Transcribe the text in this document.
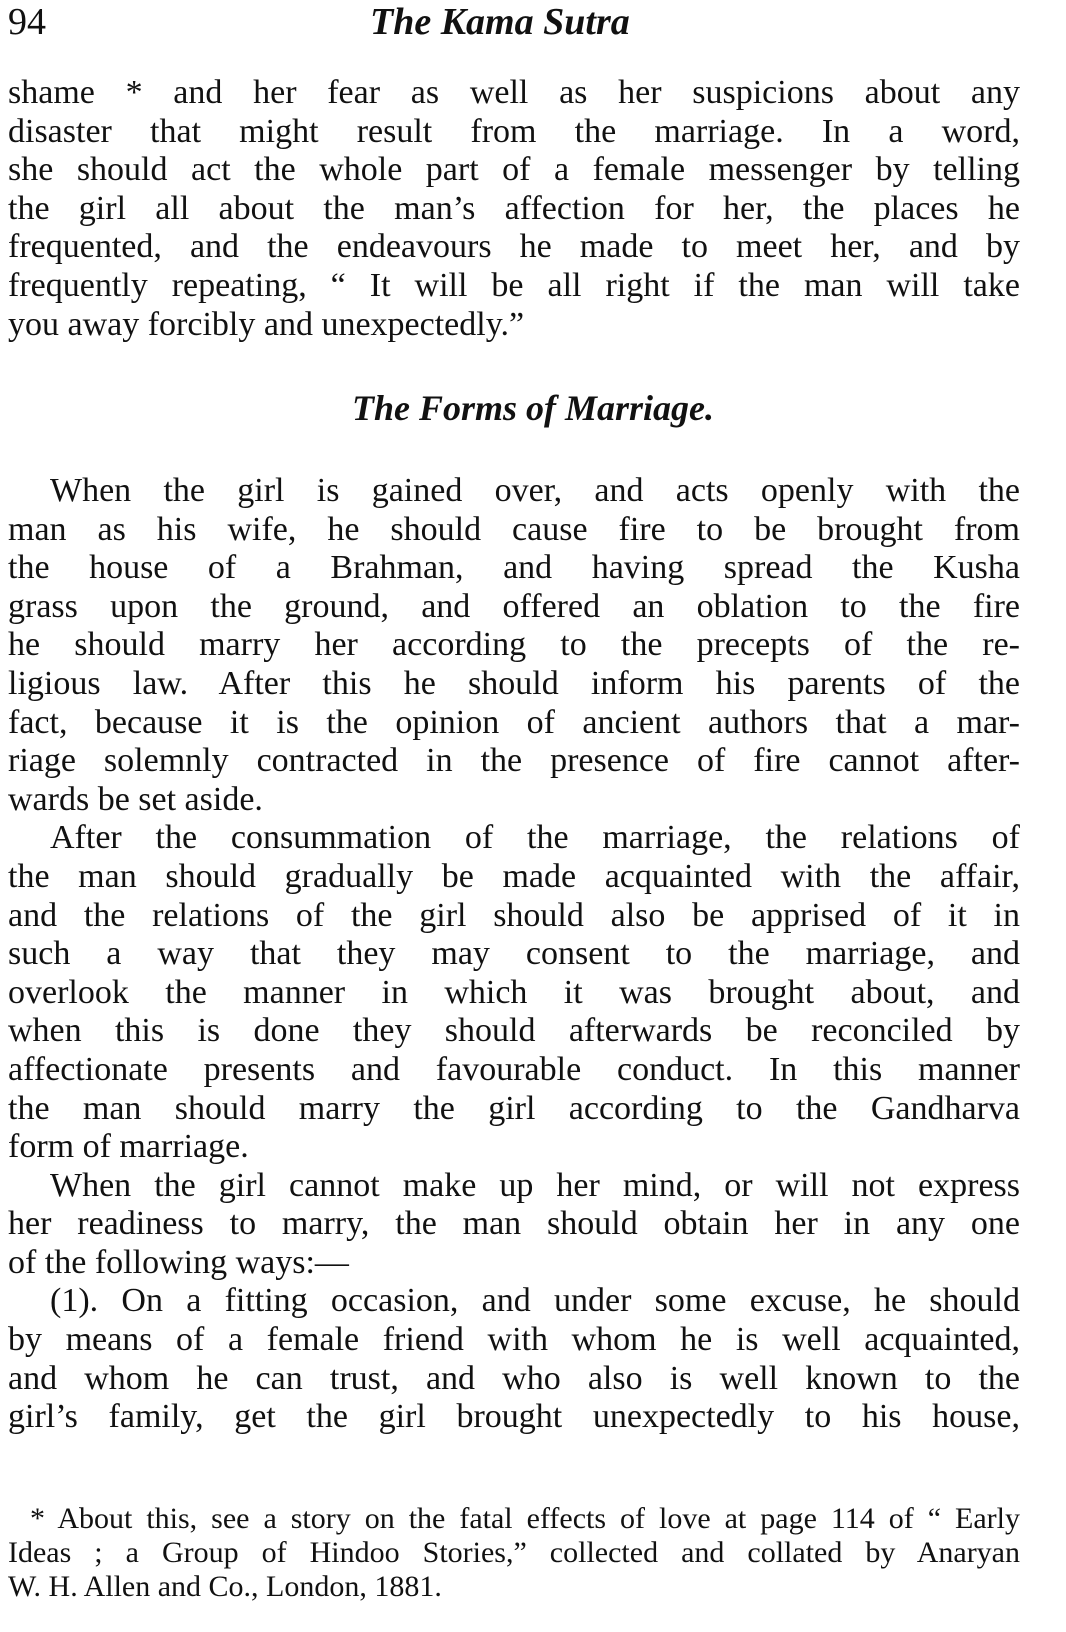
94	The Kama Sutra
shame * and her fear as well as her suspicions about any
disaster that might result from the marriage. In a word,
she should act the whole part of a female messenger by telling
the girl all about the man’s affection for her, the places he
frequented, and the endeavours he made to meet her, and by
frequently repeating, “ It will be all right if the man will take
you away forcibly and unexpectedly.”
The Forms of Marriage.
When the girl is gained over, and acts openly with the
man as his wife, he should cause fire to be brought from
the house of a Brahman, and having spread the Kusha
grass upon the ground, and offered an oblation to the fire
he should marry her according to the precepts of the re-
ligious law. After this he should inform his parents of the
fact, because it is the opinion of ancient authors that a mar-
riage solemnly contracted in the presence of fire cannot after-
wards be set aside.
After the consummation of the marriage, the relations of
the man should gradually be made acquainted with the affair,
and the relations of the girl should also be apprised of it in
such a way that they may consent to the marriage, and
overlook the manner in which it was brought about, and
when this is done they should afterwards be reconciled by
affectionate presents and favourable conduct. In this manner
the man should marry the girl according to the Gandharva
form of marriage.
When the girl cannot make up her mind, or will not express
her readiness to marry, the man should obtain her in any one
of the following ways:—
(1). On a fitting occasion, and under some excuse, he should
by means of a female friend with whom he is well acquainted,
and whom he can trust, and who also is well known to the
girl’s family, get the girl brought unexpectedly to his house,
* About this, see a story on the fatal effects of love at page 114 of “ Early
Ideas ; a Group of Hindoo Stories,” collected and collated by Anaryan
W. H. Allen and Co., London, 1881.
